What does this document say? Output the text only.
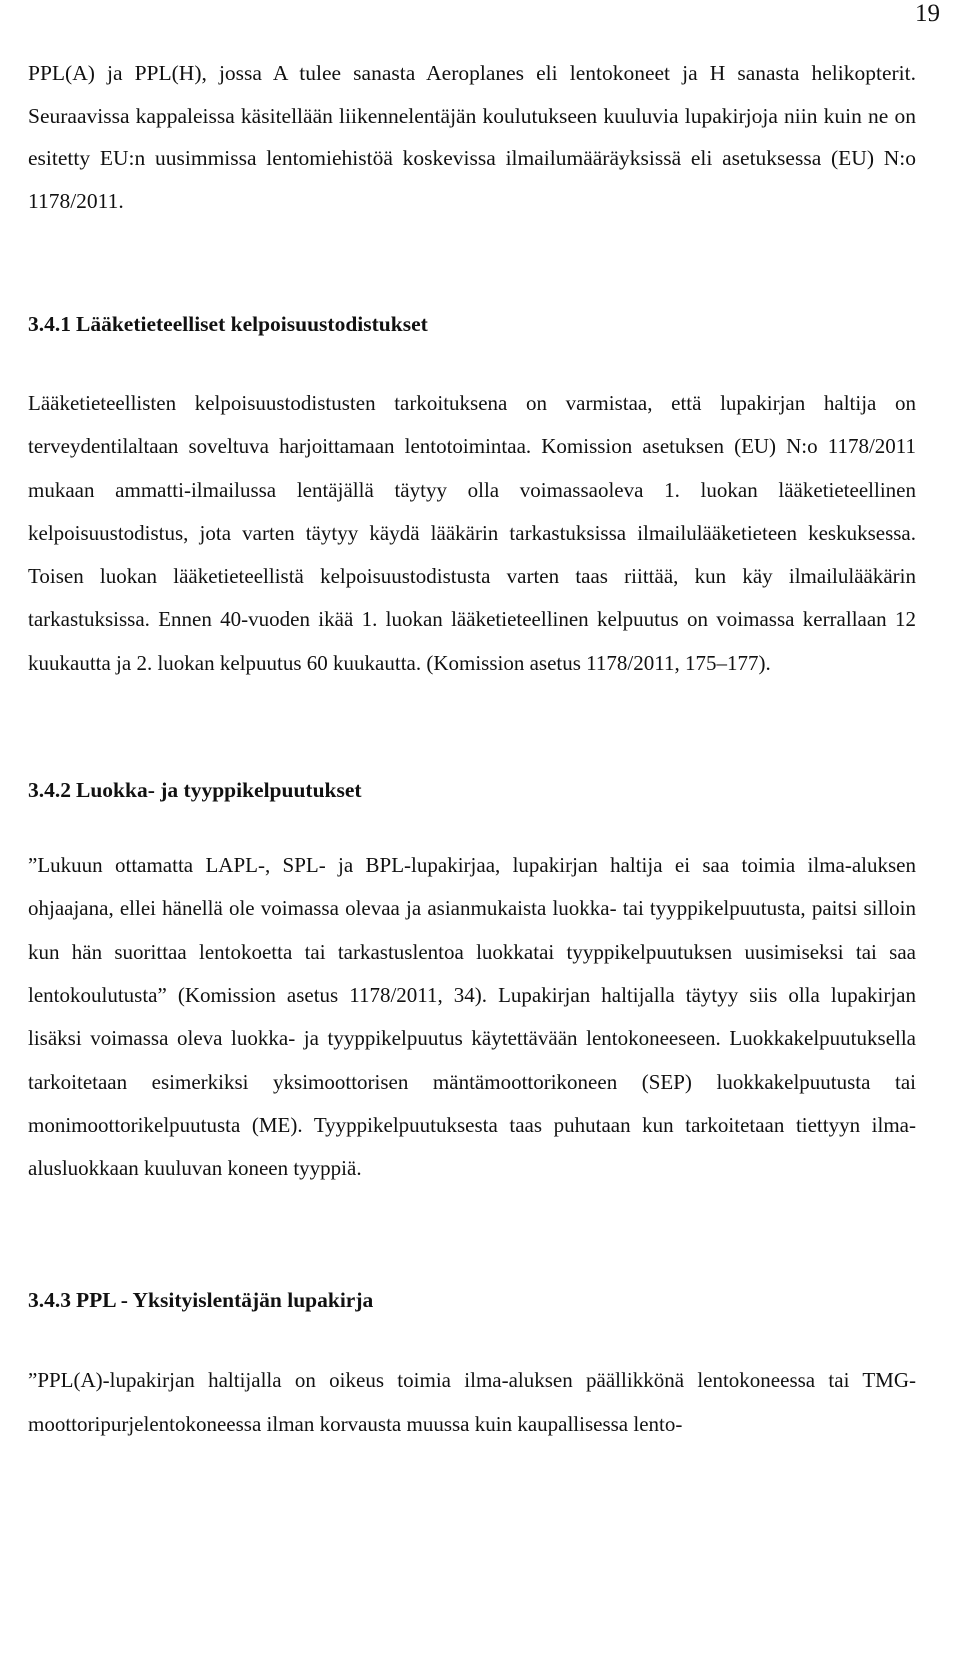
19

PPL(A) ja PPL(H), jossa A tulee sanasta Aeroplanes eli lentokoneet ja H sanasta helikopterit. Seuraavissa kappaleissa käsitellään liikennelentäjän koulutukseen kuuluvia lupakirjoja niin kuin ne on esitetty EU:n uusimmissa lentomiehistöä koskevissa ilmailumääräyksissä eli asetuksessa (EU) N:o 1178/2011.

3.4.1 Lääketieteelliset kelpoisuustodistukset

Lääketieteellisten kelpoisuustodistusten tarkoituksena on varmistaa, että lupakirjan haltija on terveydentilaltaan soveltuva harjoittamaan lentotoimintaa. Komission asetuksen (EU) N:o 1178/2011 mukaan ammatti-ilmailussa lentäjällä täytyy olla voimassaoleva 1. luokan lääketieteellinen kelpoisuustodistus, jota varten täytyy käydä lääkärin tarkastuksissa ilmailulääketieteen keskuksessa. Toisen luokan lääketieteellistä kelpoisuustodistusta varten taas riittää, kun käy ilmailulääkärin tarkastuksissa. Ennen 40-vuoden ikää 1. luokan lääketieteellinen kelpuutus on voimassa kerrallaan 12 kuukautta ja 2. luokan kelpuutus 60 kuukautta. (Komission asetus 1178/2011, 175–177).

3.4.2 Luokka- ja tyyppikelpuutukset

”Lukuun ottamatta LAPL-, SPL- ja BPL-lupakirjaa, lupakirjan haltija ei saa toimia ilma-aluksen ohjaajana, ellei hänellä ole voimassa olevaa ja asianmukaista luokka- tai tyyppikelpuutusta, paitsi silloin kun hän suorittaa lentokoetta tai tarkastuslentoa luokkatai tyyppikelpuutuksen uusimiseksi tai saa lentokoulutusta” (Komission asetus 1178/2011, 34). Lupakirjan haltijalla täytyy siis olla lupakirjan lisäksi voimassa oleva luokka- ja tyyppikelpuutus käytettävään lentokoneeseen. Luokkakelpuutuksella tarkoitetaan esimerkiksi yksimoottorisen mäntämoottorikoneen (SEP) luokkakelpuutusta tai monimoottorikelpuutusta (ME). Tyyppikelpuutuksesta taas puhutaan kun tarkoitetaan tiettyyn ilma-alusluokkaan kuuluvan koneen tyyppiä.

3.4.3 PPL - Yksityislentäjän lupakirja

”PPL(A)-lupakirjan haltijalla on oikeus toimia ilma-aluksen päällikkönä lentokoneessa tai TMG-moottoripurjelentokoneessa ilman korvausta muussa kuin kaupallisessa lento-
